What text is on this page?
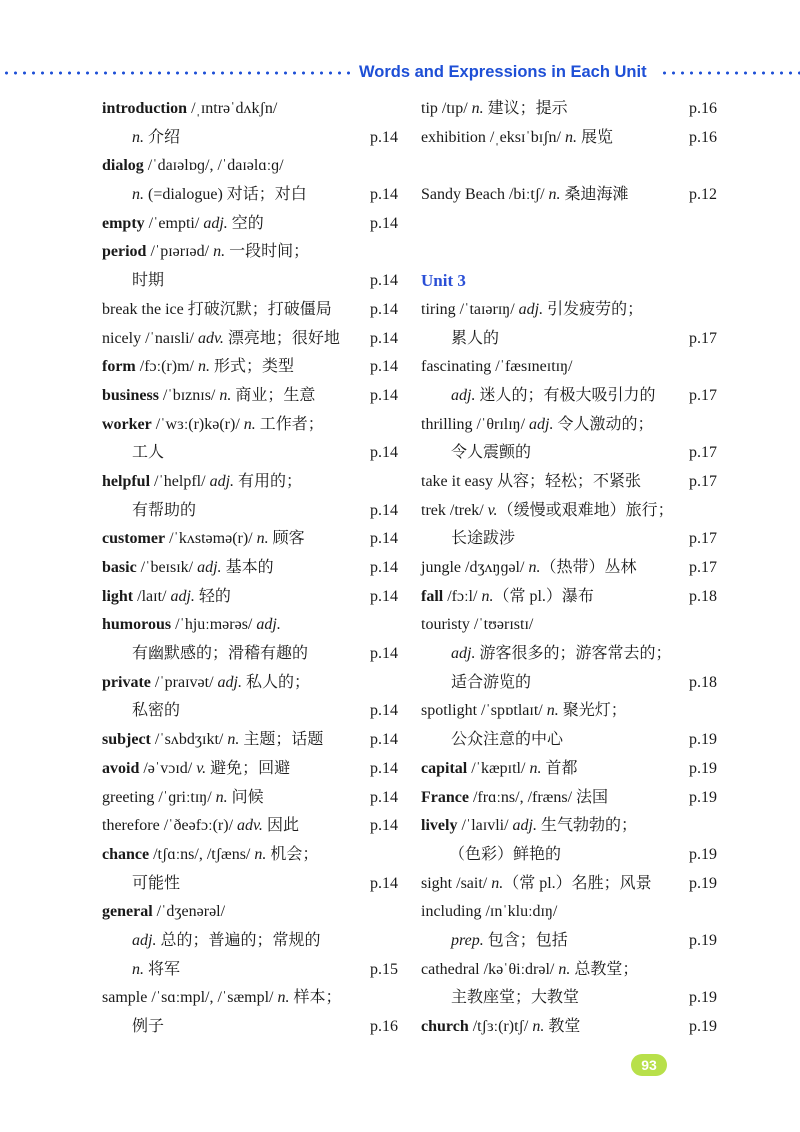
Words and Expressions in Each Unit
introduction /ˌɪntrəˈdʌkʃn/
n. 介绍	p.14
dialog /ˈdaɪəlɒɡ/, /ˈdaɪəlɑːɡ/
n. (=dialogue) 对话；对白	p.14
empty /ˈempti/ adj. 空的	p.14
period /ˈpɪərɪəd/ n. 一段时间；
时期	p.14
break the ice 打破沉默；打破僵局 p.14
nicely /ˈnaɪsli/ adv. 漂亮地；很好地 p.14
form /fɔː(r)m/ n. 形式；类型	p.14
business /ˈbɪznɪs/ n. 商业；生意	p.14
worker /ˈwɜː(r)kə(r)/ n. 工作者；
工人	p.14
helpful /ˈhelpfl/ adj. 有用的；
有帮助的	p.14
customer /ˈkʌstəmə(r)/ n. 顾客	p.14
basic /ˈbeɪsɪk/ adj. 基本的	p.14
light /laɪt/ adj. 轻的	p.14
humorous /ˈhjuːmərəs/ adj.
有幽默感的；滑稽有趣的	p.14
private /ˈpraɪvət/ adj. 私人的；
私密的	p.14
subject /ˈsʌbdʒɪkt/ n. 主题；话题	p.14
avoid /əˈvɔɪd/ v. 避免；回避	p.14
greeting /ˈɡriːtɪŋ/ n. 问候	p.14
therefore /ˈðeəfɔː(r)/ adv. 因此	p.14
chance /tʃɑːns/, /tʃæns/ n. 机会；
可能性	p.14
general /ˈdʒenərəl/
adj. 总的；普遍的；常规的
n. 将军	p.15
sample /ˈsɑːmpl/, /ˈsæmpl/ n. 样本；
例子	p.16
tip /tɪp/ n. 建议；提示	p.16
exhibition /ˌeksɪˈbɪʃn/ n. 展览	p.16
Sandy Beach /biːtʃ/ n. 桑迪海滩	p.12
Unit 3
tiring /ˈtaɪərɪŋ/ adj. 引发疲劳的；
累人的	p.17
fascinating /ˈfæsɪneɪtɪŋ/
adj. 迷人的；有极大吸引力的 p.17
thrilling /ˈθrɪlɪŋ/ adj. 令人激动的；
令人震颤的	p.17
take it easy 从容；轻松；不紧张	p.17
trek /trek/ v.（缓慢或艰难地）旅行；
长途跋涉	p.17
jungle /dʒʌŋɡəl/ n.（热带）丛林	p.17
fall /fɔːl/ n.（常 pl.）瀑布	p.18
touristy /ˈtʊərɪstɪ/
adj. 游客很多的；游客常去的；
适合游览的	p.18
spotlight /ˈspɒtlaɪt/ n. 聚光灯；
公众注意的中心	p.19
capital /ˈkæpɪtl/ n. 首都	p.19
France /frɑːns/, /fræns/ 法国	p.19
lively /ˈlaɪvli/ adj. 生气勃勃的；
（色彩）鲜艳的	p.19
sight /sait/ n.（常 pl.）名胜；风景 p.19
including /ɪnˈkluːdɪŋ/
prep. 包含；包括	p.19
cathedral /kəˈθiːdrəl/ n. 总教堂；
主教座堂；大教堂	p.19
church /tʃɜː(r)tʃ/ n. 教堂	p.19
93
